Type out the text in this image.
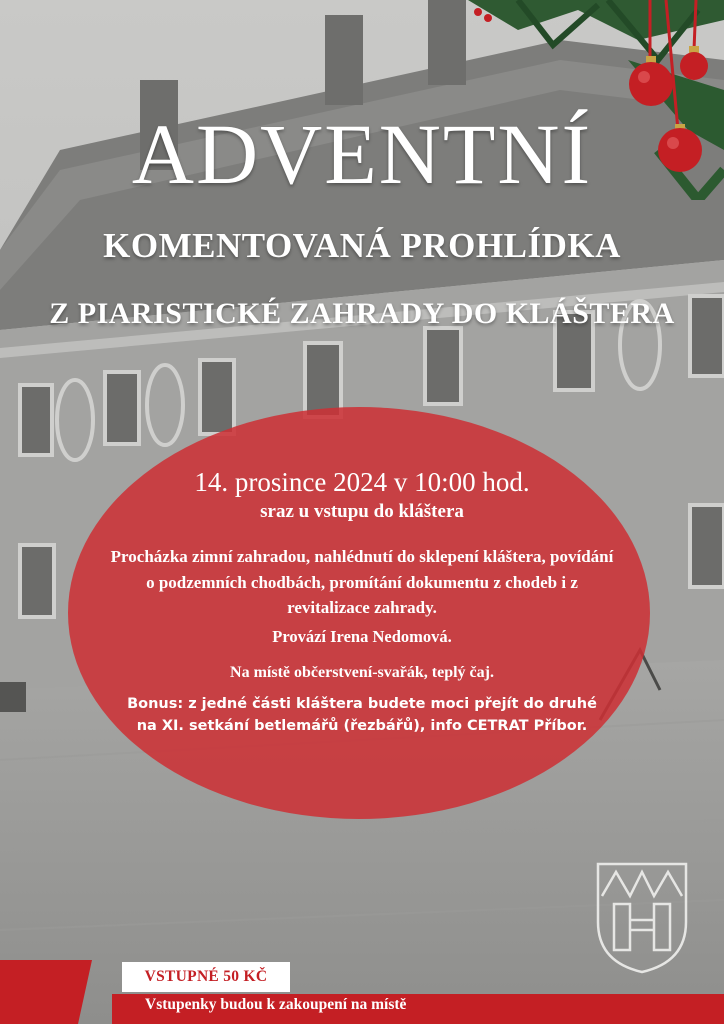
ADVENTNÍ
KOMENTOVANÁ PROHLÍDKA
Z PIARISTICKÉ ZAHRADY DO KLÁŠTERA

14. prosince 2024 v 10:00 hod.

sraz u vstupu do kláštera

Procházka zimní zahradou, nahlédnutí do sklepení kláštera, povídání o podzemních chodbách, promítání dokumentu z chodeb i z revitalizace zahrady.

Provází Irena Nedomová.

Na místě občerstvení-svařák, teplý čaj.

Bonus: z jedné části kláštera budete moci přejít do druhé na XI. setkání betlemářů (řezbářů), info CETRAT Příbor.

VSTUPNÉ 50 KČ

Vstupenky budou k zakoupení na místě
